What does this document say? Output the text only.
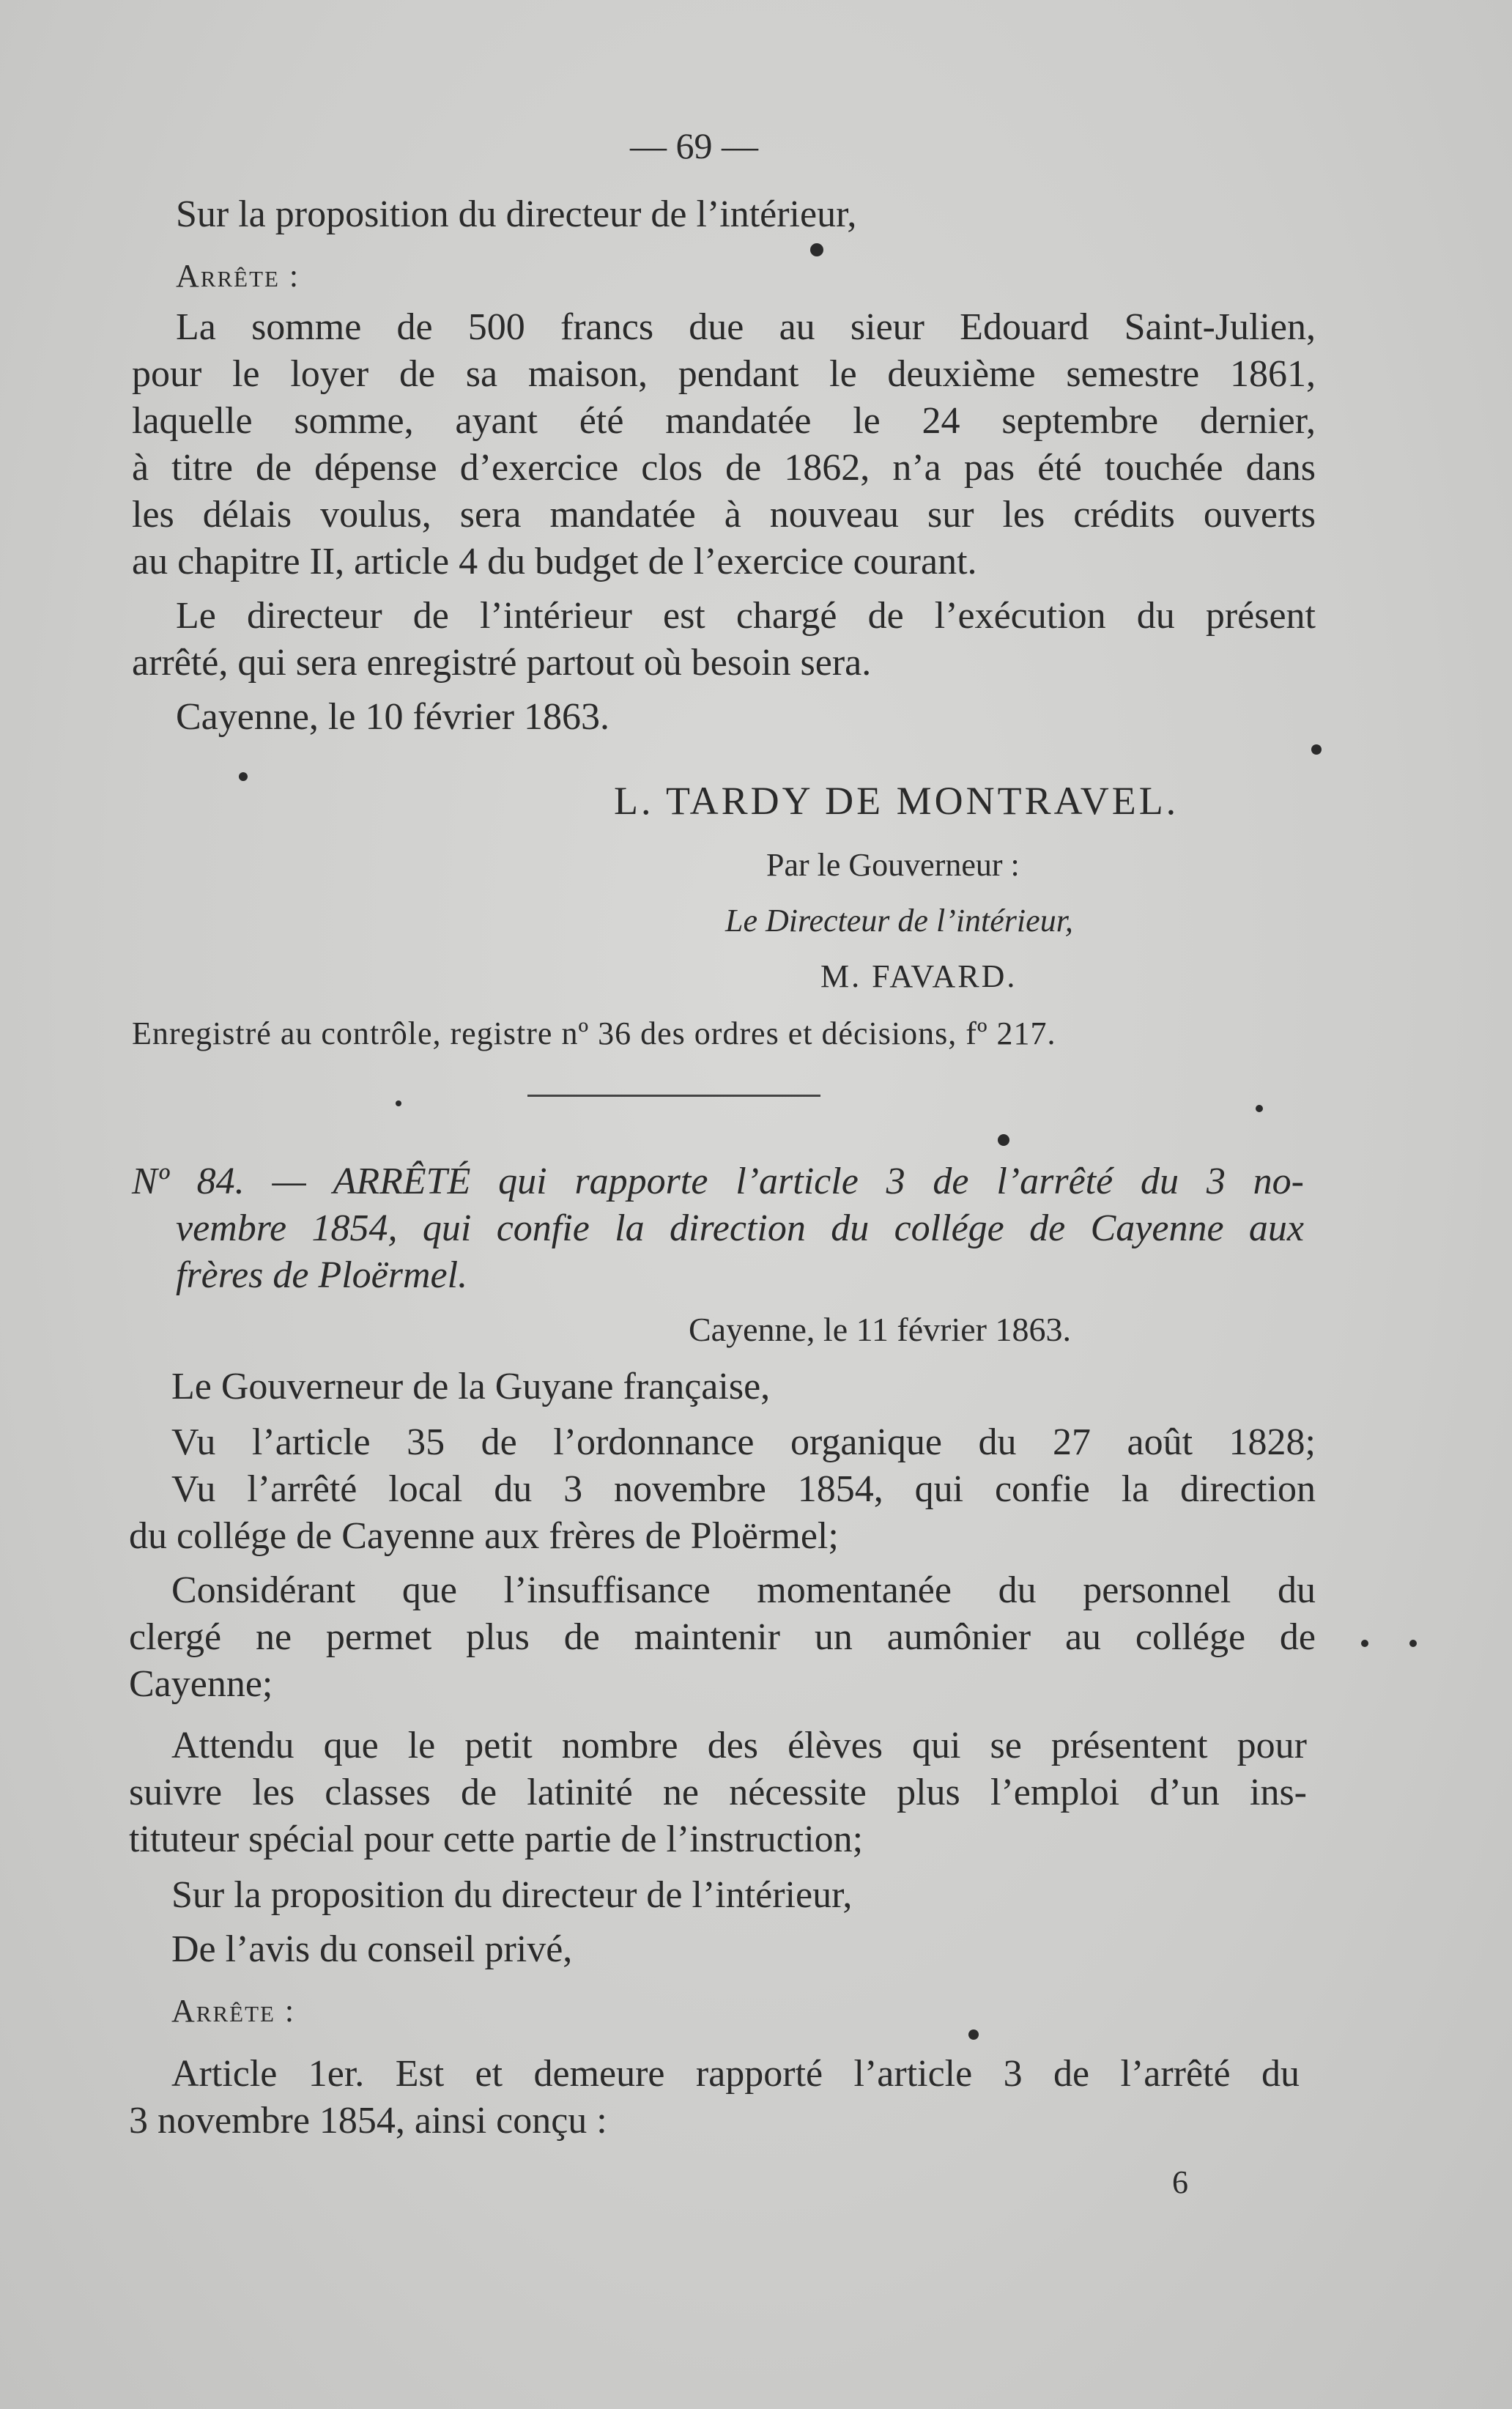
— 69 —
Sur la proposition du directeur de l’intérieur,
Arrête :
La somme de 500 francs due au sieur Edouard Saint-Julien,
pour le loyer de sa maison, pendant le deuxième semestre 1861,
laquelle somme, ayant été mandatée le 24 septembre dernier,
à titre de dépense d’exercice clos de 1862, n’a pas été touchée dans
les délais voulus, sera mandatée à nouveau sur les crédits ouverts
au chapitre II, article 4 du budget de l’exercice courant.
Le directeur de l’intérieur est chargé de l’exécution du présent
arrêté, qui sera enregistré partout où besoin sera.
Cayenne, le 10 février 1863.
L. TARDY DE MONTRAVEL.
Par le Gouverneur :
Le Directeur de l’intérieur,
M. FAVARD.
Enregistré au contrôle, registre nº 36 des ordres et décisions, fº 217.
Nº 84. — ARRÊTÉ qui rapporte l’article 3 de l’arrêté du 3 no-
vembre 1854, qui confie la direction du collége de Cayenne aux
frères de Ploërmel.
Cayenne, le 11 février 1863.
Le Gouverneur de la Guyane française,
Vu l’article 35 de l’ordonnance organique du 27 août 1828;
Vu l’arrêté local du 3 novembre 1854, qui confie la direction
du collége de Cayenne aux frères de Ploërmel;
Considérant que l’insuffisance momentanée du personnel du
clergé ne permet plus de maintenir un aumônier au collége de
Cayenne;
Attendu que le petit nombre des élèves qui se présentent pour
suivre les classes de latinité ne nécessite plus l’emploi d’un ins-
tituteur spécial pour cette partie de l’instruction;
Sur la proposition du directeur de l’intérieur,
De l’avis du conseil privé,
Arrête :
Article 1er. Est et demeure rapporté l’article 3 de l’arrêté du
3 novembre 1854, ainsi conçu :
6
